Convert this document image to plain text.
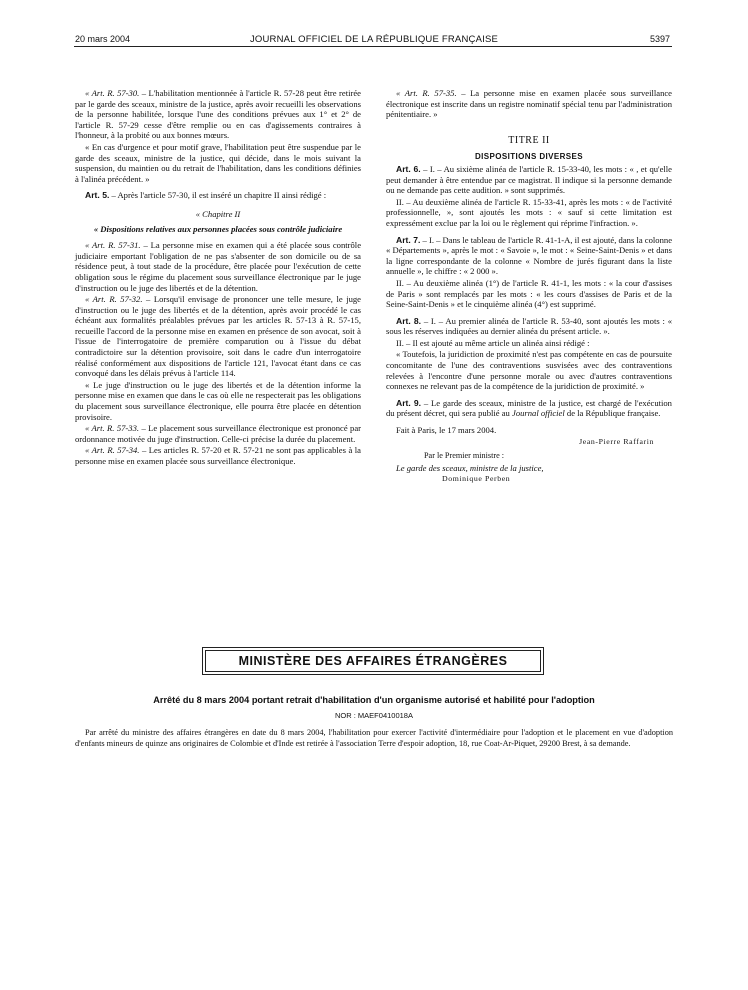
20 mars 2004	JOURNAL OFFICIEL DE LA RÉPUBLIQUE FRANÇAISE	5397

« Art. R. 57-30. – L'habilitation mentionnée à l'article R. 57-28 peut être retirée par le garde des sceaux, ministre de la justice, après avoir recueilli les observations de la personne habilitée, lorsque l'une des conditions prévues aux 1° et 2° de l'article R. 57-29 cesse d'être remplie ou en cas d'agissements contraires à l'honneur, à la probité ou aux bonnes mœurs.

« En cas d'urgence et pour motif grave, l'habilitation peut être suspendue par le garde des sceaux, ministre de la justice, qui décide, dans le mois suivant la suspension, du maintien ou du retrait de l'habilitation, dans les conditions définies à l'alinéa précédent. »

Art. 5. – Après l'article 57-30, il est inséré un chapitre II ainsi rédigé :

« Chapitre II

« Dispositions relatives aux personnes placées sous contrôle judiciaire

« Art. R. 57-31. – La personne mise en examen qui a été placée sous contrôle judiciaire emportant l'obligation de ne pas s'absenter de son domicile ou de sa résidence peut, à tout stade de la procédure, être placée pour l'exécution de cette obligation sous le régime du placement sous surveillance électronique par le juge d'instruction ou le juge des libertés et de la détention.

« Art. R. 57-32. – Lorsqu'il envisage de prononcer une telle mesure, le juge d'instruction ou le juge des libertés et de la détention, après avoir procédé le cas échéant aux formalités préalables prévues par les articles R. 57-13 à R. 57-15, recueille l'accord de la personne mise en examen en présence de son avocat, soit à l'issue de l'interrogatoire de première comparution ou à l'issue du débat contradictoire sur la détention provisoire, soit dans le cadre d'un interrogatoire réalisé conformément aux dispositions de l'article 121, l'avocat étant dans ce cas convoqué dans les délais prévus à l'article 114.

« Le juge d'instruction ou le juge des libertés et de la détention informe la personne mise en examen que dans le cas où elle ne respecterait pas les obligations du placement sous surveillance électronique, elle pourra être placée en détention provisoire.

« Art. R. 57-33. – Le placement sous surveillance électronique est prononcé par ordonnance motivée du juge d'instruction. Celle-ci précise la durée du placement.

« Art. R. 57-34. – Les articles R. 57-20 et R. 57-21 ne sont pas applicables à la personne mise en examen placée sous surveillance électronique.

« Art. R. 57-35. – La personne mise en examen placée sous surveillance électronique est inscrite dans un registre nominatif spécial tenu par l'administration pénitentiaire. »

TITRE II

DISPOSITIONS DIVERSES

Art. 6. – I. – Au sixième alinéa de l'article R. 15-33-40, les mots : « , et qu'elle peut demander à être entendue par ce magistrat. Il indique si la personne demande ou ne demande pas cette audition. » sont supprimés.

II. – Au deuxième alinéa de l'article R. 15-33-41, après les mots : « de l'activité professionnelle, », sont ajoutés les mots : « sauf si cette limitation est expressément exclue par la loi ou le règlement qui réprime l'infraction. ».

Art. 7. – I. – Dans le tableau de l'article R. 41-1-A, il est ajouté, dans la colonne « Départements », après le mot : « Savoie », le mot : « Seine-Saint-Denis » et dans la ligne correspondante de la colonne « Nombre de jurés figurant dans la liste annuelle », le chiffre : « 2 000 ».

II. – Au deuxième alinéa (1°) de l'article R. 41-1, les mots : « la cour d'assises de Paris » sont remplacés par les mots : « les cours d'assises de Paris et de la Seine-Saint-Denis » et le cinquième alinéa (4°) est supprimé.

Art. 8. – I. – Au premier alinéa de l'article R. 53-40, sont ajoutés les mots : « sous les réserves indiquées au dernier alinéa du présent article. ».

II. – Il est ajouté au même article un alinéa ainsi rédigé :

« Toutefois, la juridiction de proximité n'est pas compétente en cas de poursuite concomitante de l'une des contraventions susvisées avec des contraventions relevées à l'encontre d'une personne morale ou avec d'autres contraventions connexes ne relevant pas de la compétence de la juridiction de proximité. »

Art. 9. – Le garde des sceaux, ministre de la justice, est chargé de l'exécution du présent décret, qui sera publié au Journal officiel de la République française.

Fait à Paris, le 17 mars 2004.

Jean-Pierre Raffarin

Par le Premier ministre :

Le garde des sceaux, ministre de la justice,

Dominique Perben

MINISTÈRE DES AFFAIRES ÉTRANGÈRES
Arrêté du 8 mars 2004 portant retrait d'habilitation d'un organisme autorisé et habilité pour l'adoption
NOR : MAEF0410018A
Par arrêté du ministre des affaires étrangères en date du 8 mars 2004, l'habilitation pour exercer l'activité d'intermédiaire pour l'adoption et le placement en vue d'adoption d'enfants mineurs de quinze ans originaires de Colombie et d'Inde est retirée à l'association Terre d'espoir adoption, 18, rue Coat-Ar-Piquet, 29200 Brest, à sa demande.
